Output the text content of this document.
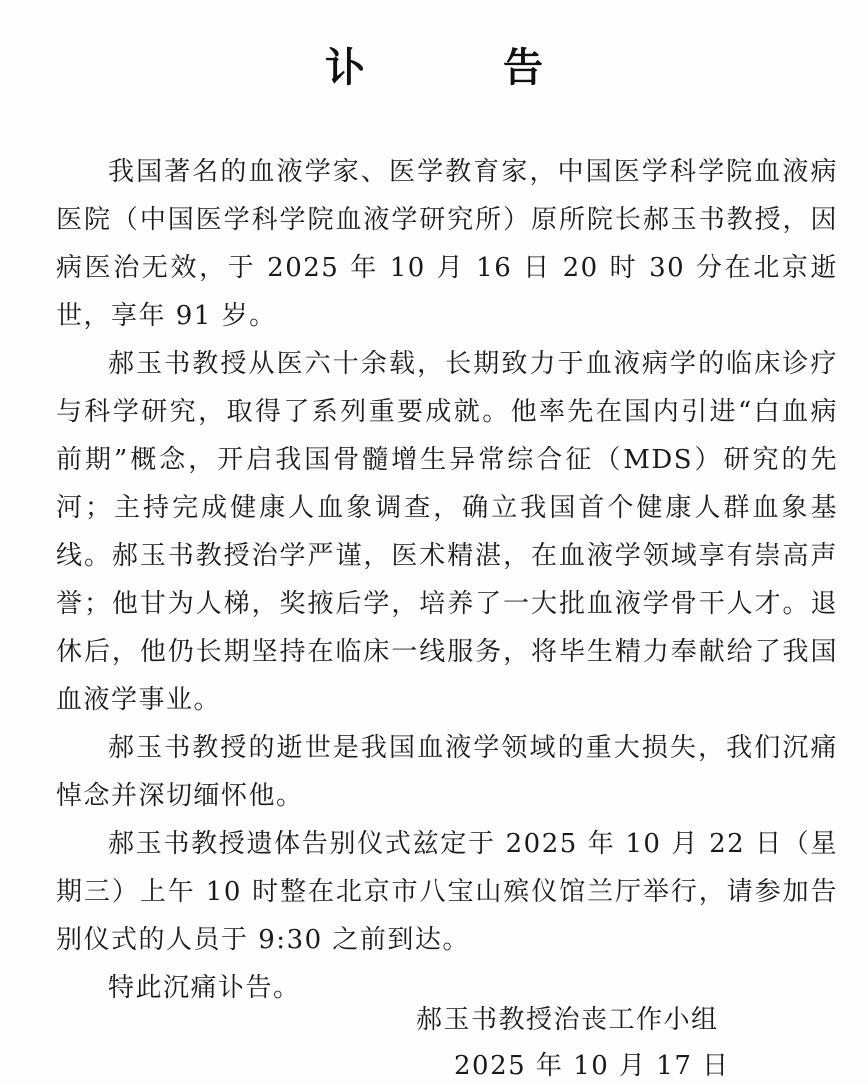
讣 告

我国著名的血液学家、医学教育家，中国医学科学院血液病医院（中国医学科学院血液学研究所）原所院长郝玉书教授，因病医治无效，于 2025 年 10 月 16 日 20 时 30 分在北京逝世，享年 91 岁。

郝玉书教授从医六十余载，长期致力于血液病学的临床诊疗与科学研究，取得了系列重要成就。他率先在国内引进“白血病前期”概念，开启我国骨髓增生异常综合征（MDS）研究的先河；主持完成健康人血象调查，确立我国首个健康人群血象基线。郝玉书教授治学严谨，医术精湛，在血液学领域享有崇高声誉；他甘为人梯，奖掖后学，培养了一大批血液学骨干人才。退休后，他仍长期坚持在临床一线服务，将毕生精力奉献给了我国血液学事业。

郝玉书教授的逝世是我国血液学领域的重大损失，我们沉痛悼念并深切缅怀他。

郝玉书教授遗体告别仪式兹定于 2025 年 10 月 22 日（星期三）上午 10 时整在北京市八宝山殡仪馆兰厅举行，请参加告别仪式的人员于 9:30 之前到达。

特此沉痛讣告。

郝玉书教授治丧工作小组
2025 年 10 月 17 日
